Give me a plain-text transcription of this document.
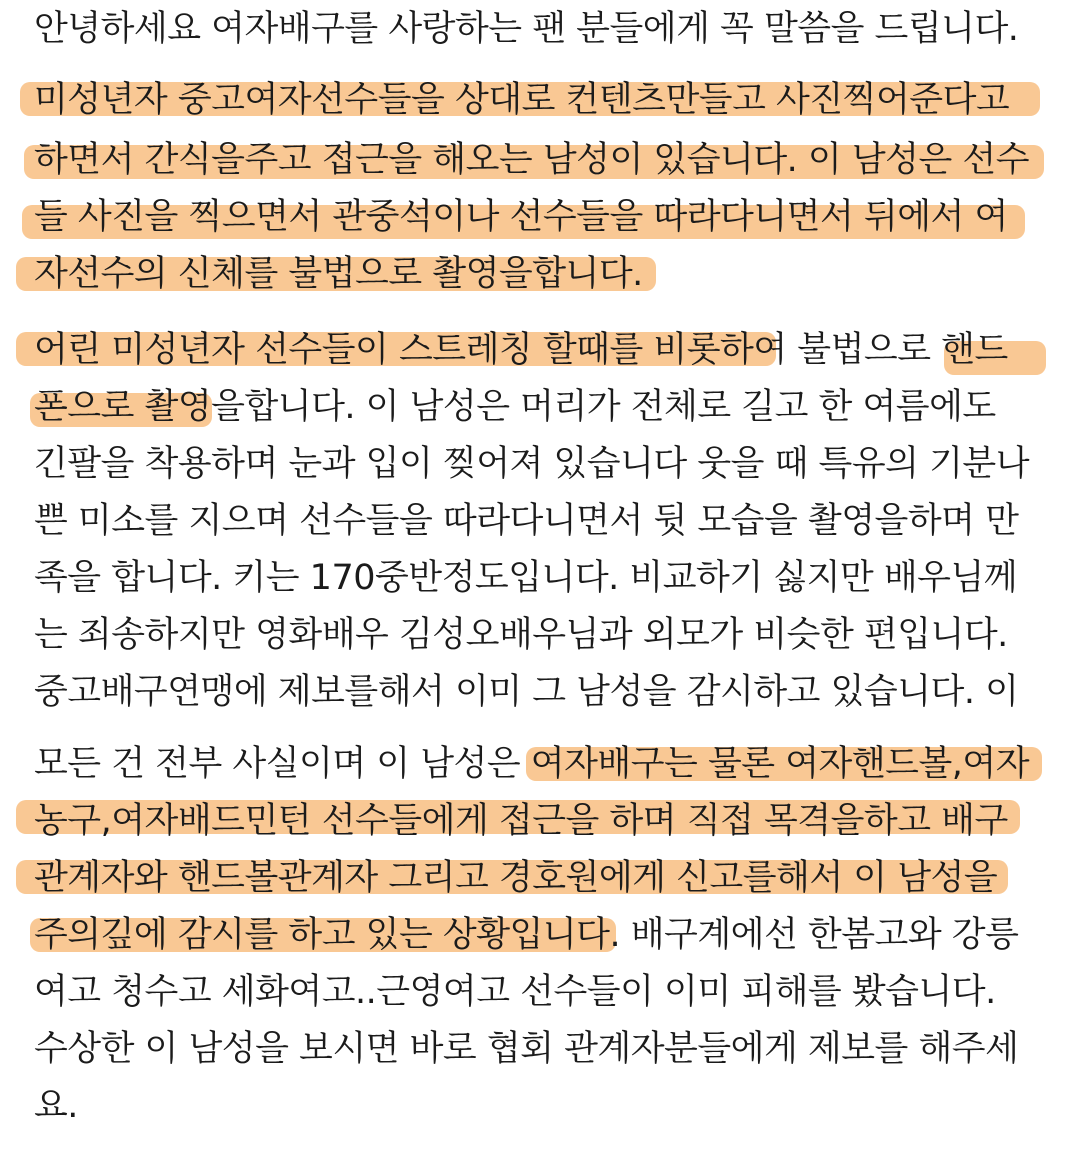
안녕하세요 여자배구를 사랑하는 팬 분들에게 꼭 말씀을 드립니다.
미성년자 중고여자선수들을 상대로 컨텐츠만들고 사진찍어준다고
하면서 간식을주고 접근을 해오는 남성이 있습니다. 이 남성은 선수
들 사진을 찍으면서 관중석이나 선수들을 따라다니면서 뒤에서 여
자선수의 신체를 불법으로 촬영을합니다.
어린 미성년자 선수들이 스트레칭 할때를 비롯하여 불법으로 핸드
폰으로 촬영을합니다. 이 남성은 머리가 전체로 길고 한 여름에도
긴팔을 착용하며 눈과 입이 찢어져 있습니다 웃을 때 특유의 기분나
쁜 미소를 지으며 선수들을 따라다니면서 뒷 모습을 촬영을하며 만
족을 합니다. 키는 170중반정도입니다. 비교하기 싫지만 배우님께
는 죄송하지만 영화배우 김성오배우님과 외모가 비슷한 편입니다.
중고배구연맹에 제보를해서 이미 그 남성을 감시하고 있습니다. 이
모든 건 전부 사실이며 이 남성은 여자배구는 물론 여자핸드볼,여자
농구,여자배드민턴 선수들에게 접근을 하며 직접 목격을하고 배구
관계자와 핸드볼관계자 그리고 경호원에게 신고를해서 이 남성을
주의깊에 감시를 하고 있는 상황입니다. 배구계에선 한봄고와 강릉
여고 청수고 세화여고..근영여고 선수들이 이미 피해를 봤습니다.
수상한 이 남성을 보시면 바로 협회 관계자분들에게 제보를 해주세
요.
